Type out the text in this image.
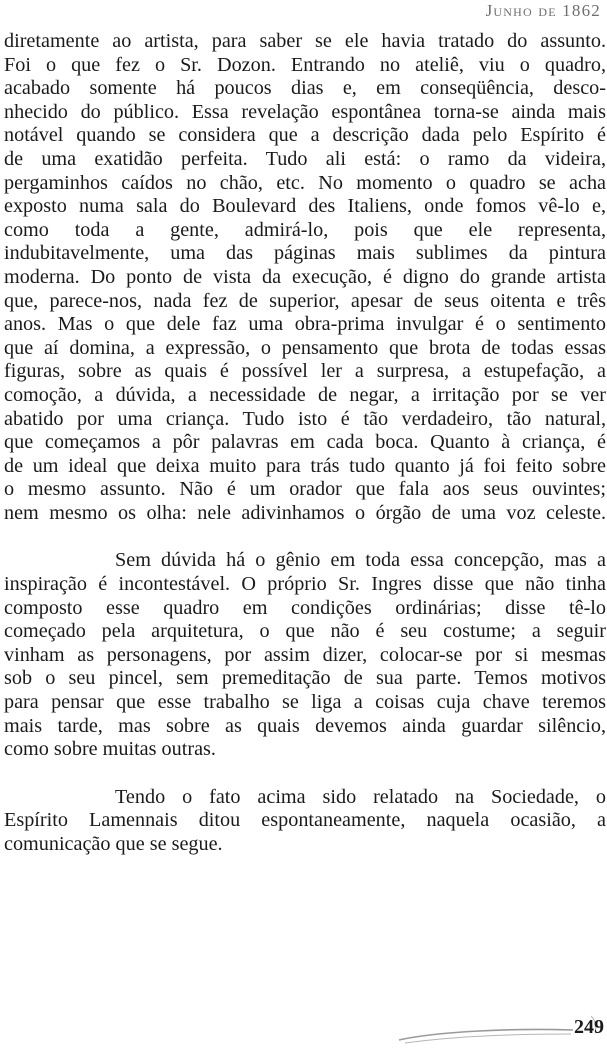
Junho de 1862
diretamente ao artista, para saber se ele havia tratado do assunto.
Foi o que fez o Sr. Dozon. Entrando no ateliê, viu o quadro,
acabado somente há poucos dias e, em conseqüência, desco-
nhecido do público. Essa revelação espontânea torna-se ainda mais
notável quando se considera que a descrição dada pelo Espírito é
de uma exatidão perfeita. Tudo ali está: o ramo da videira,
pergaminhos caídos no chão, etc. No momento o quadro se acha
exposto numa sala do Boulevard des Italiens, onde fomos vê-lo e,
como toda a gente, admirá-lo, pois que ele representa,
indubitavelmente, uma das páginas mais sublimes da pintura
moderna. Do ponto de vista da execução, é digno do grande artista
que, parece-nos, nada fez de superior, apesar de seus oitenta e três
anos. Mas o que dele faz uma obra-prima invulgar é o sentimento
que aí domina, a expressão, o pensamento que brota de todas essas
figuras, sobre as quais é possível ler a surpresa, a estupefação, a
comoção, a dúvida, a necessidade de negar, a irritação por se ver
abatido por uma criança. Tudo isto é tão verdadeiro, tão natural,
que começamos a pôr palavras em cada boca. Quanto à criança, é
de um ideal que deixa muito para trás tudo quanto já foi feito sobre
o mesmo assunto. Não é um orador que fala aos seus ouvintes;
nem mesmo os olha: nele adivinhamos o órgão de uma voz celeste.
Sem dúvida há o gênio em toda essa concepção, mas a
inspiração é incontestável. O próprio Sr. Ingres disse que não tinha
composto esse quadro em condições ordinárias; disse tê-lo
começado pela arquitetura, o que não é seu costume; a seguir
vinham as personagens, por assim dizer, colocar-se por si mesmas
sob o seu pincel, sem premeditação de sua parte. Temos motivos
para pensar que esse trabalho se liga a coisas cuja chave teremos
mais tarde, mas sobre as quais devemos ainda guardar silêncio,
como sobre muitas outras.
Tendo o fato acima sido relatado na Sociedade, o
Espírito Lamennais ditou espontaneamente, naquela ocasião, a
comunicação que se segue.
249
